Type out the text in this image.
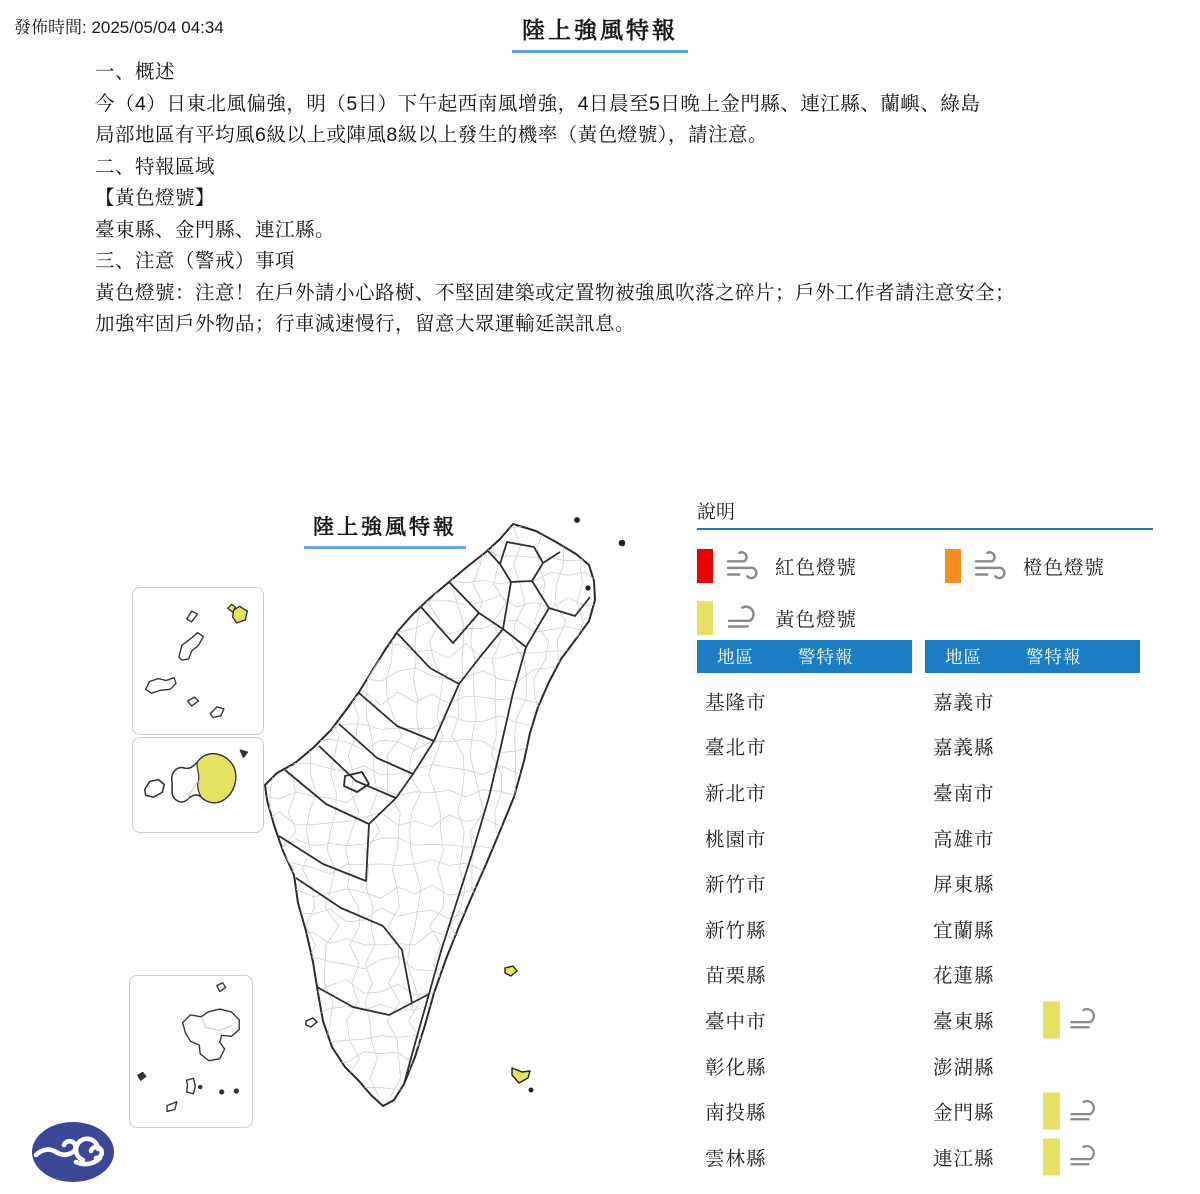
發佈時間: 2025/05/04 04:34	陸上強風特報
一、概述
今（4）日東北風偏強，明（5日）下午起西南風增強，4日晨至5日晚上金門縣、連江縣、蘭嶼、綠島
局部地區有平均風6級以上或陣風8級以上發生的機率（黃色燈號），請注意。
二、特報區域
【黃色燈號】
臺東縣、金門縣、連江縣。
三、注意（警戒）事項
黃色燈號：注意！在戶外請小心路樹、不堅固建築或定置物被強風吹落之碎片；戶外工作者請注意安全；
加強牢固戶外物品；行車減速慢行，留意大眾運輸延誤訊息。
陸上強風特報
說明
紅色燈號	橙色燈號
黃色燈號
地區	警特報
基隆市
臺北市
新北市
桃園市
新竹市
新竹縣
苗栗縣
臺中市
彰化縣
南投縣
雲林縣
地區	警特報
嘉義市
嘉義縣
臺南市
高雄市
屏東縣
宜蘭縣
花蓮縣
臺東縣
澎湖縣
金門縣
連江縣
